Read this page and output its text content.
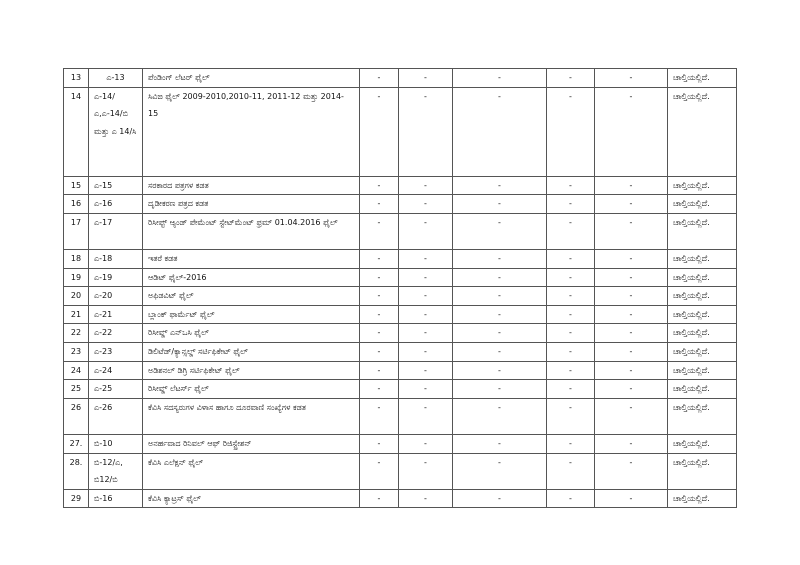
13	ಎ-13	ಪೆಂಡಿಂಗ್ ಲೆಟರ್ ಫೈಲ್	-	-	-	-	-	ಚಾಲ್ತಿಯಲ್ಲಿದೆ.
14	ಎ-14/ಎ,ಎ-14/ಬಿ ಮತ್ತು ಎ 14/ಸಿ	ಸಿವಿಙ ಫೈಲ್ 2009-2010,2010-11, 2011-12 ಮತ್ತು 2014-15	-	-	-	-	-	ಚಾಲ್ತಿಯಲ್ಲಿದೆ.
15	ಎ-15	ಸರಕಾರದ ಪತ್ರಗಳ ಕಡತ	-	-	-	-	-	ಚಾಲ್ತಿಯಲ್ಲಿದೆ.
16	ಎ-16	ದೃಡೀಕರಣ ಪತ್ರದ ಕಡತ	-	-	-	-	-	ಚಾಲ್ತಿಯಲ್ಲಿದೆ.
17	ಎ-17	ರಿಸೀಪ್ಟ್ ಆ್ಯಂಡ್ ಪೇಮೆಂಟ್ ಸ್ಟೇಟ್‌ಮೆಂಟ್ ಫ್ರಮ್ 01.04.2016 ಫೈಲ್	-	-	-	-	-	ಚಾಲ್ತಿಯಲ್ಲಿದೆ.
18	ಎ-18	ಇತರೆ ಕಡತ	-	-	-	-	-	ಚಾಲ್ತಿಯಲ್ಲಿದೆ.
19	ಎ-19	ಆಡಿಟ್ ಫೈಲ್-2016	-	-	-	-	-	ಚಾಲ್ತಿಯಲ್ಲಿದೆ.
20	ಎ-20	ಅಫಿಡವಿಟ್ ಫೈಲ್	-	-	-	-	-	ಚಾಲ್ತಿಯಲ್ಲಿದೆ.
21	ಎ-21	ಬ್ಲಾಂಕ್ ಫಾರ್ಮೆಟ್ ಫೈಲ್	-	-	-	-	-	ಚಾಲ್ತಿಯಲ್ಲಿದೆ.
22	ಎ-22	ರಿಸೀವ್ಡ್ ಎನ್‌ಒಸಿ ಫೈಲ್	-	-	-	-	-	ಚಾಲ್ತಿಯಲ್ಲಿದೆ.
23	ಎ-23	ಡಿಲಿಟೆಡ್/ಕ್ಯಾನ್ಸಲ್ಡ್ ಸರ್ಟಿಫಿಕೇಟ್ ಫೈಲ್	-	-	-	-	-	ಚಾಲ್ತಿಯಲ್ಲಿದೆ.
24	ಎ-24	ಅಡಿಶನಲ್ ಡಿಗ್ರಿ ಸರ್ಟಿಫಿಕೇಟ್ ಫೈಲ್	-	-	-	-	-	ಚಾಲ್ತಿಯಲ್ಲಿದೆ.
25	ಎ-25	ರಿಸೀವ್ಡ್ ಲೆಟರ್ಸ್ ಫೈಲ್	-	-	-	-	-	ಚಾಲ್ತಿಯಲ್ಲಿದೆ.
26	ಎ-26	ಕೆವಿಸಿ ಸದಸ್ಯರುಗಳ ವಿಳಾಸ ಹಾಗೂ ದೂರವಾಣಿ ಸಂಖ್ಯೆಗಳ ಕಡತ	-	-	-	-	-	ಚಾಲ್ತಿಯಲ್ಲಿದೆ.
27.	ಬಿ-10	ಅನರ್ಹವಾದ ರಿನಿವಲ್ ಆಫ್ ರಿಜಿಸ್ಟ್ರೇಶನ್	-	-	-	-	-	ಚಾಲ್ತಿಯಲ್ಲಿದೆ.
28.	ಬಿ-12/ಎ, ಬಿ12/ಬಿ	ಕೆವಿಸಿ ಎಲೆಕ್ಷನ್ ಫೈಲ್	-	-	-	-	-	ಚಾಲ್ತಿಯಲ್ಲಿದೆ.
29	ಬಿ-16	ಕೆವಿಸಿ ಕ್ಯಾಟ್ರಸ್ ಫೈಲ್	-	-	-	-	-	ಚಾಲ್ತಿಯಲ್ಲಿದೆ.
